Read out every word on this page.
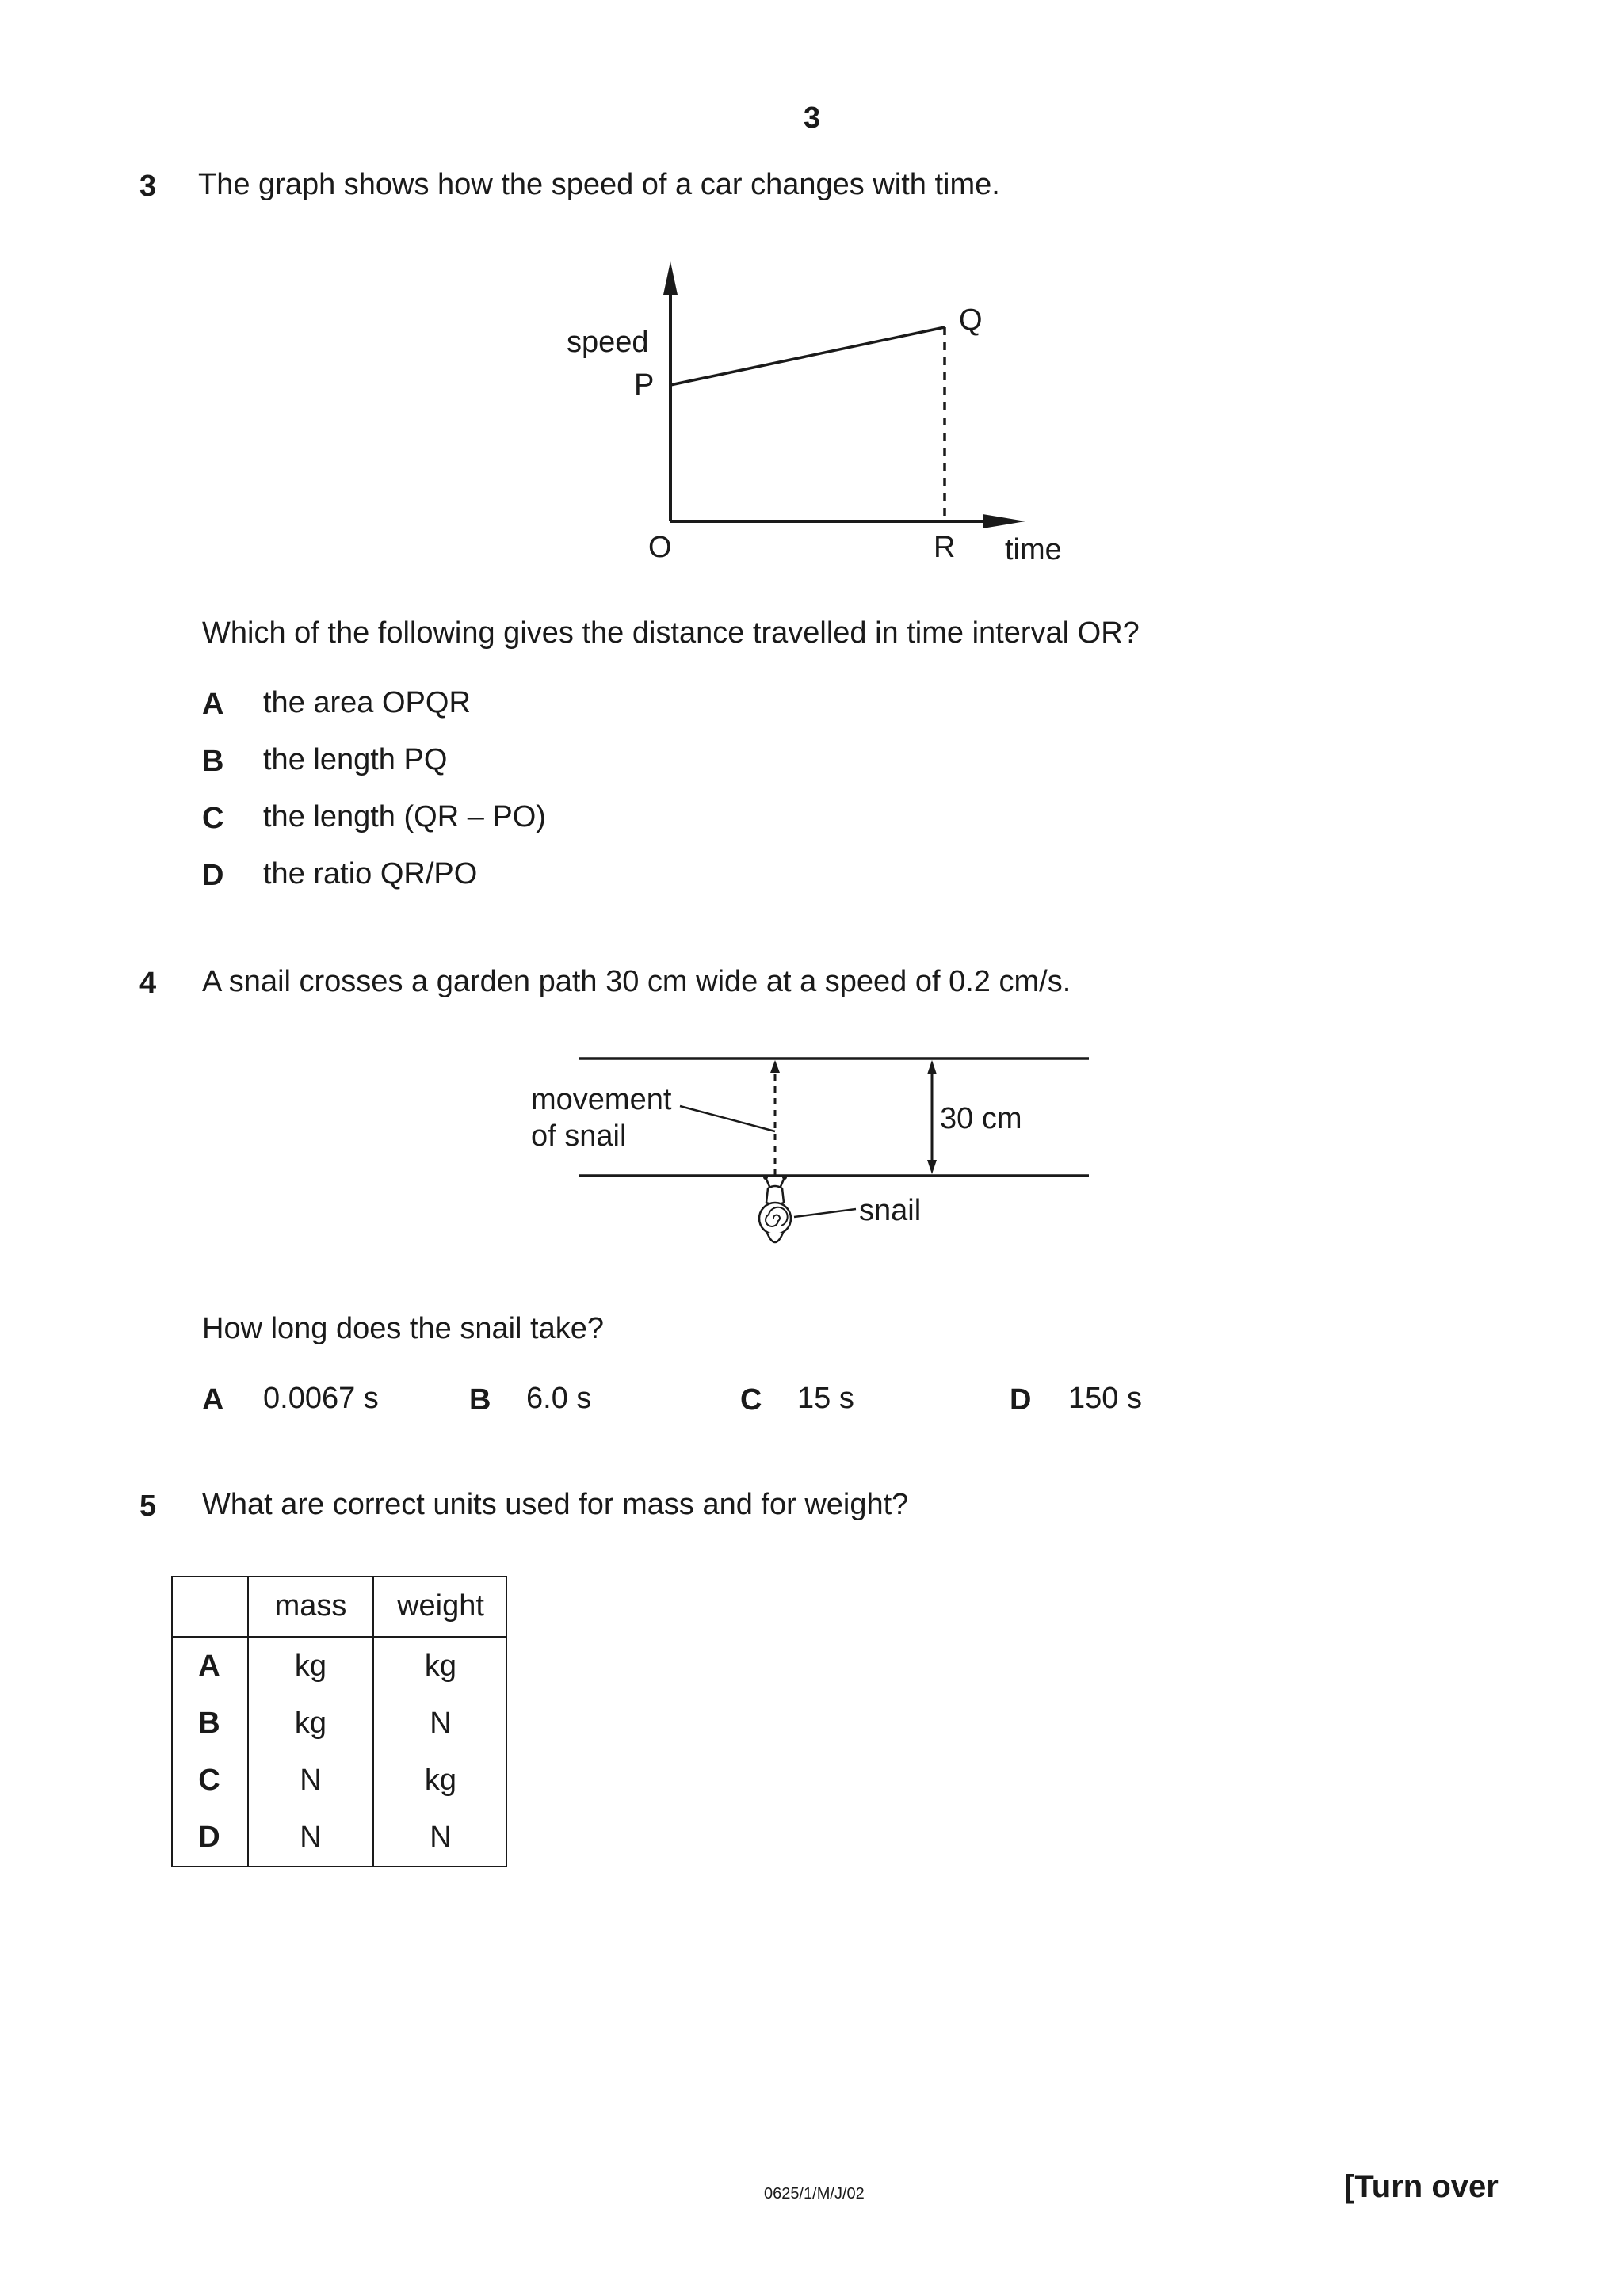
3
3 The graph shows how the speed of a car changes with time.
speed
P
Q
O	R time
Which of the following gives the distance travelled in time interval OR?
A the area OPQR
B the length PQ
C the length (QR – PO)
D the ratio QR/PO
4 A snail crosses a garden path 30 cm wide at a speed of 0.2 cm/s.
movement
of snail
30 cm
snail
How long does the snail take?
A 0.0067 s	B 6.0 s	C 15 s	D 150 s
5 What are correct units used for mass and for weight?
	mass	weight
A	kg	kg
B	kg	N
C	N	kg
D	N	N
0625/1/M/J/02	[Turn over
